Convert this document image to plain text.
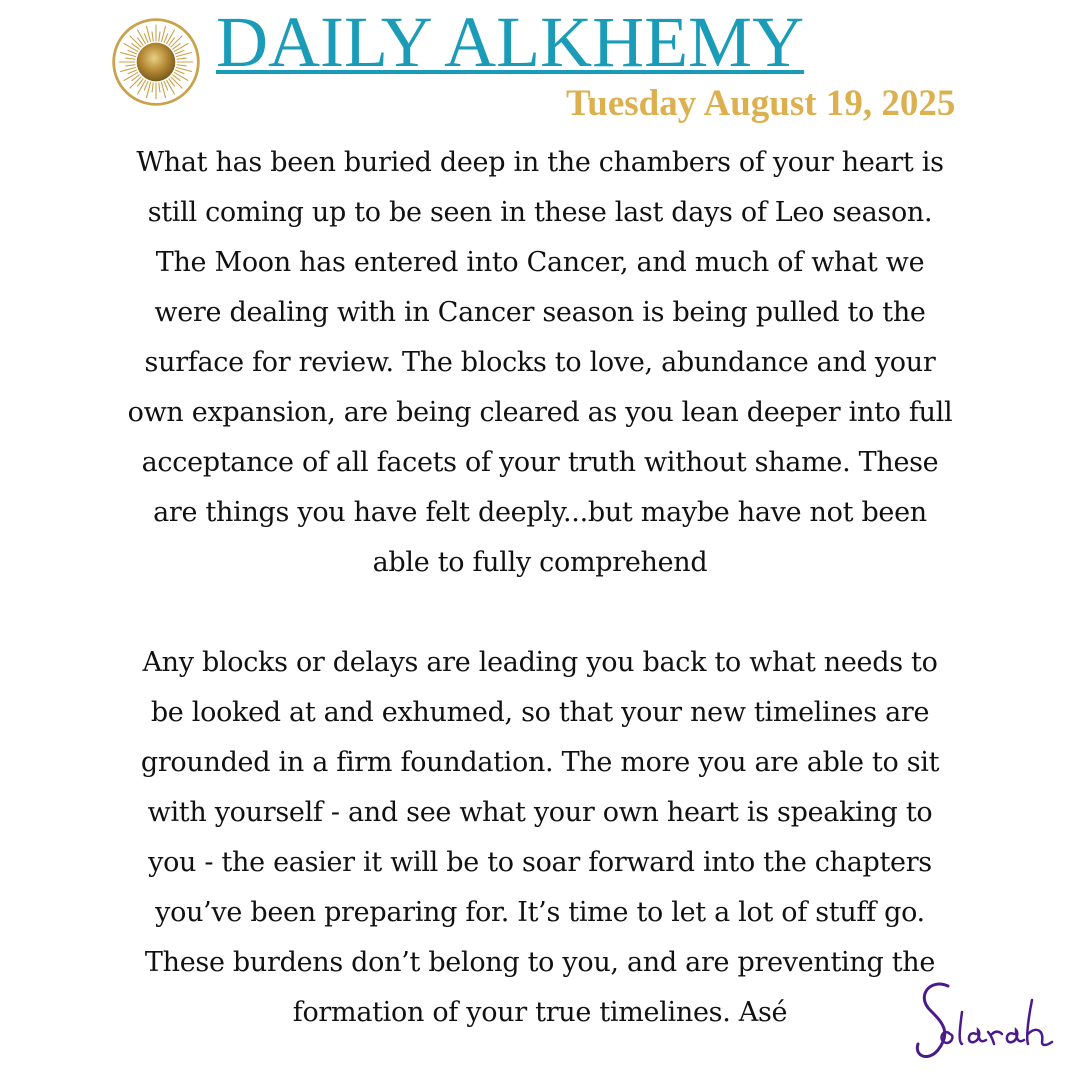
DAILY ALKHEMY
Tuesday August 19, 2025
What has been buried deep in the chambers of your heart is
still coming up to be seen in these last days of Leo season.
The Moon has entered into Cancer, and much of what we
were dealing with in Cancer season is being pulled to the
surface for review. The blocks to love, abundance and your
own expansion, are being cleared as you lean deeper into full
acceptance of all facets of your truth without shame. These
are things you have felt deeply...but maybe have not been
able to fully comprehend
Any blocks or delays are leading you back to what needs to
be looked at and exhumed, so that your new timelines are
grounded in a firm foundation. The more you are able to sit
with yourself - and see what your own heart is speaking to
you - the easier it will be to soar forward into the chapters
you’ve been preparing for. It’s time to let a lot of stuff go.
These burdens don’t belong to you, and are preventing the
formation of your true timelines. Asé
